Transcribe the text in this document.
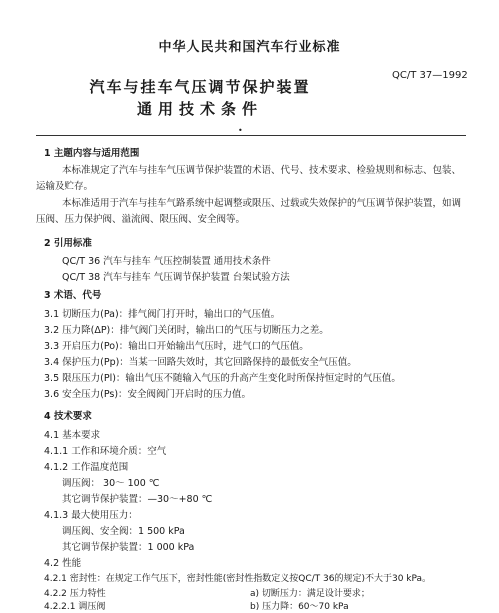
中华人民共和国汽车行业标准
QC/T 37—1992
汽车与挂车气压调节保护装置
通用技术条件
•
1 主题内容与适用范围
本标准规定了汽车与挂车气压调节保护装置的术语、代号、技术要求、检验规则和标志、包装、运输及贮存。
本标准适用于汽车与挂车气路系统中起调整或限压、过载或失效保护的气压调节保护装置，如调压阀、压力保护阀、溢流阀、限压阀、安全阀等。
2 引用标准
QC/T 36 汽车与挂车 气压控制装置 通用技术条件
QC/T 38 汽车与挂车 气压调节保护装置 台架试验方法
3 术语、代号
3.1 切断压力(Pa)：排气阀门打开时，输出口的气压值。
3.2 压力降(ΔP)：排气阀门关闭时，输出口的气压与切断压力之差。
3.3 开启压力(Po)：输出口开始输出气压时，进气口的气压值。
3.4 保护压力(Pp)：当某一回路失效时，其它回路保持的最低安全气压值。
3.5 限压压力(Pl)：输出气压不随输入气压的升高产生变化时所保持恒定时的气压值。
3.6 安全压力(Ps)：安全阀阀门开启时的压力值。
4 技术要求
4.1 基本要求
4.1.1 工作和环境介质：空气
4.1.2 工作温度范围
调压阀： 30～ 100 ℃
其它调节保护装置：—30～+80 ℃
4.1.3 最大使用压力：
调压阀、安全阀：1 500 kPa
其它调节保护装置：1 000 kPa
4.2 性能
4.2.1 密封性：在规定工作气压下，密封性能(密封性指数定义按QC/T 36的规定)不大于30 kPa。
4.2.2 压力特性
4.2.2.1 调压阀
a) 切断压力：满足设计要求；
b) 压力降：60～70 kPa
